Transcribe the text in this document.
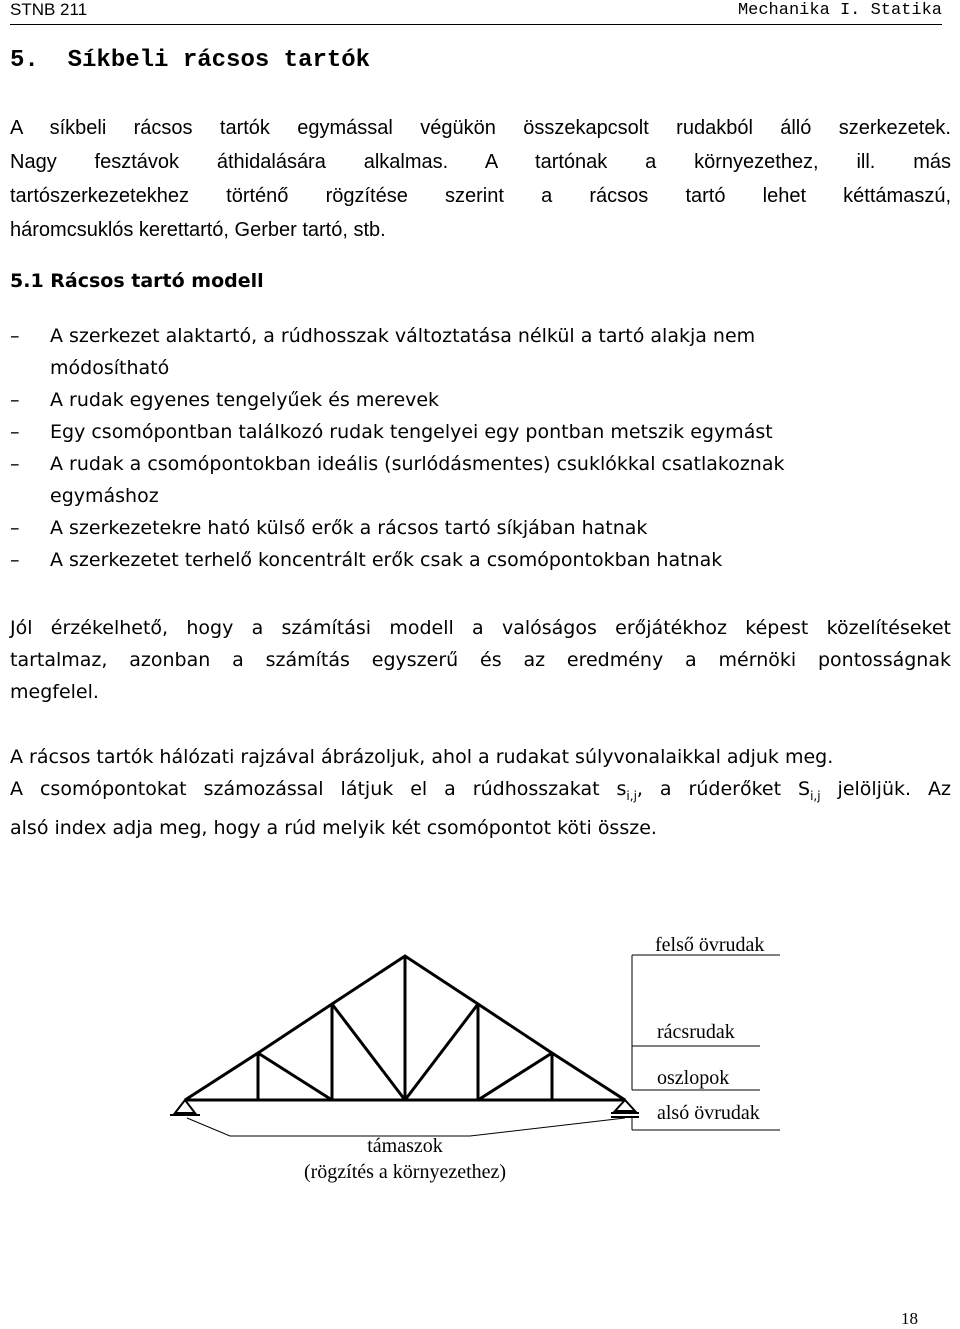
STNB 211	Mechanika I. Statika
5. Síkbeli rácsos tartók

A síkbeli rácsos tartók egymással végükön összekapcsolt rudakból álló szerkezetek.
Nagy fesztávok áthidalására alkalmas. A tartónak a környezethez, ill. más
tartószerkezetekhez történő rögzítése szerint a rácsos tartó lehet kéttámaszú,
háromcsuklós kerettartó, Gerber tartó, stb.

5.1 Rácsos tartó modell
– A szerkezet alaktartó, a rúdhosszak változtatása nélkül a tartó alakja nem
módosítható
– A rudak egyenes tengelyűek és merevek
– Egy csomópontban találkozó rudak tengelyei egy pontban metszik egymást
– A rudak a csomópontokban ideális (surlódásmentes) csuklókkal csatlakoznak
egymáshoz
– A szerkezetekre ható külső erők a rácsos tartó síkjában hatnak
– A szerkezetet terhelő koncentrált erők csak a csomópontokban hatnak

Jól érzékelhető, hogy a számítási modell a valóságos erőjátékhoz képest közelítéseket
tartalmaz, azonban a számítás egyszerű és az eredmény a mérnöki pontosságnak
megfelel.

A rácsos tartók hálózati rajzával ábrázoljuk, ahol a rudakat súlyvonalaikkal adjuk meg.
A csomópontokat számozással látjuk el a rúdhosszakat $s_{i,j}$, a rúderőket $S_{i,j}$ jelöljük. Az
alsó index adja meg, hogy a rúd melyik két csomópontot köti össze.

felső övrudak
rácsrudak
oszlopok
alsó övrudak
támaszok
(rögzítés a környezethez)
18
